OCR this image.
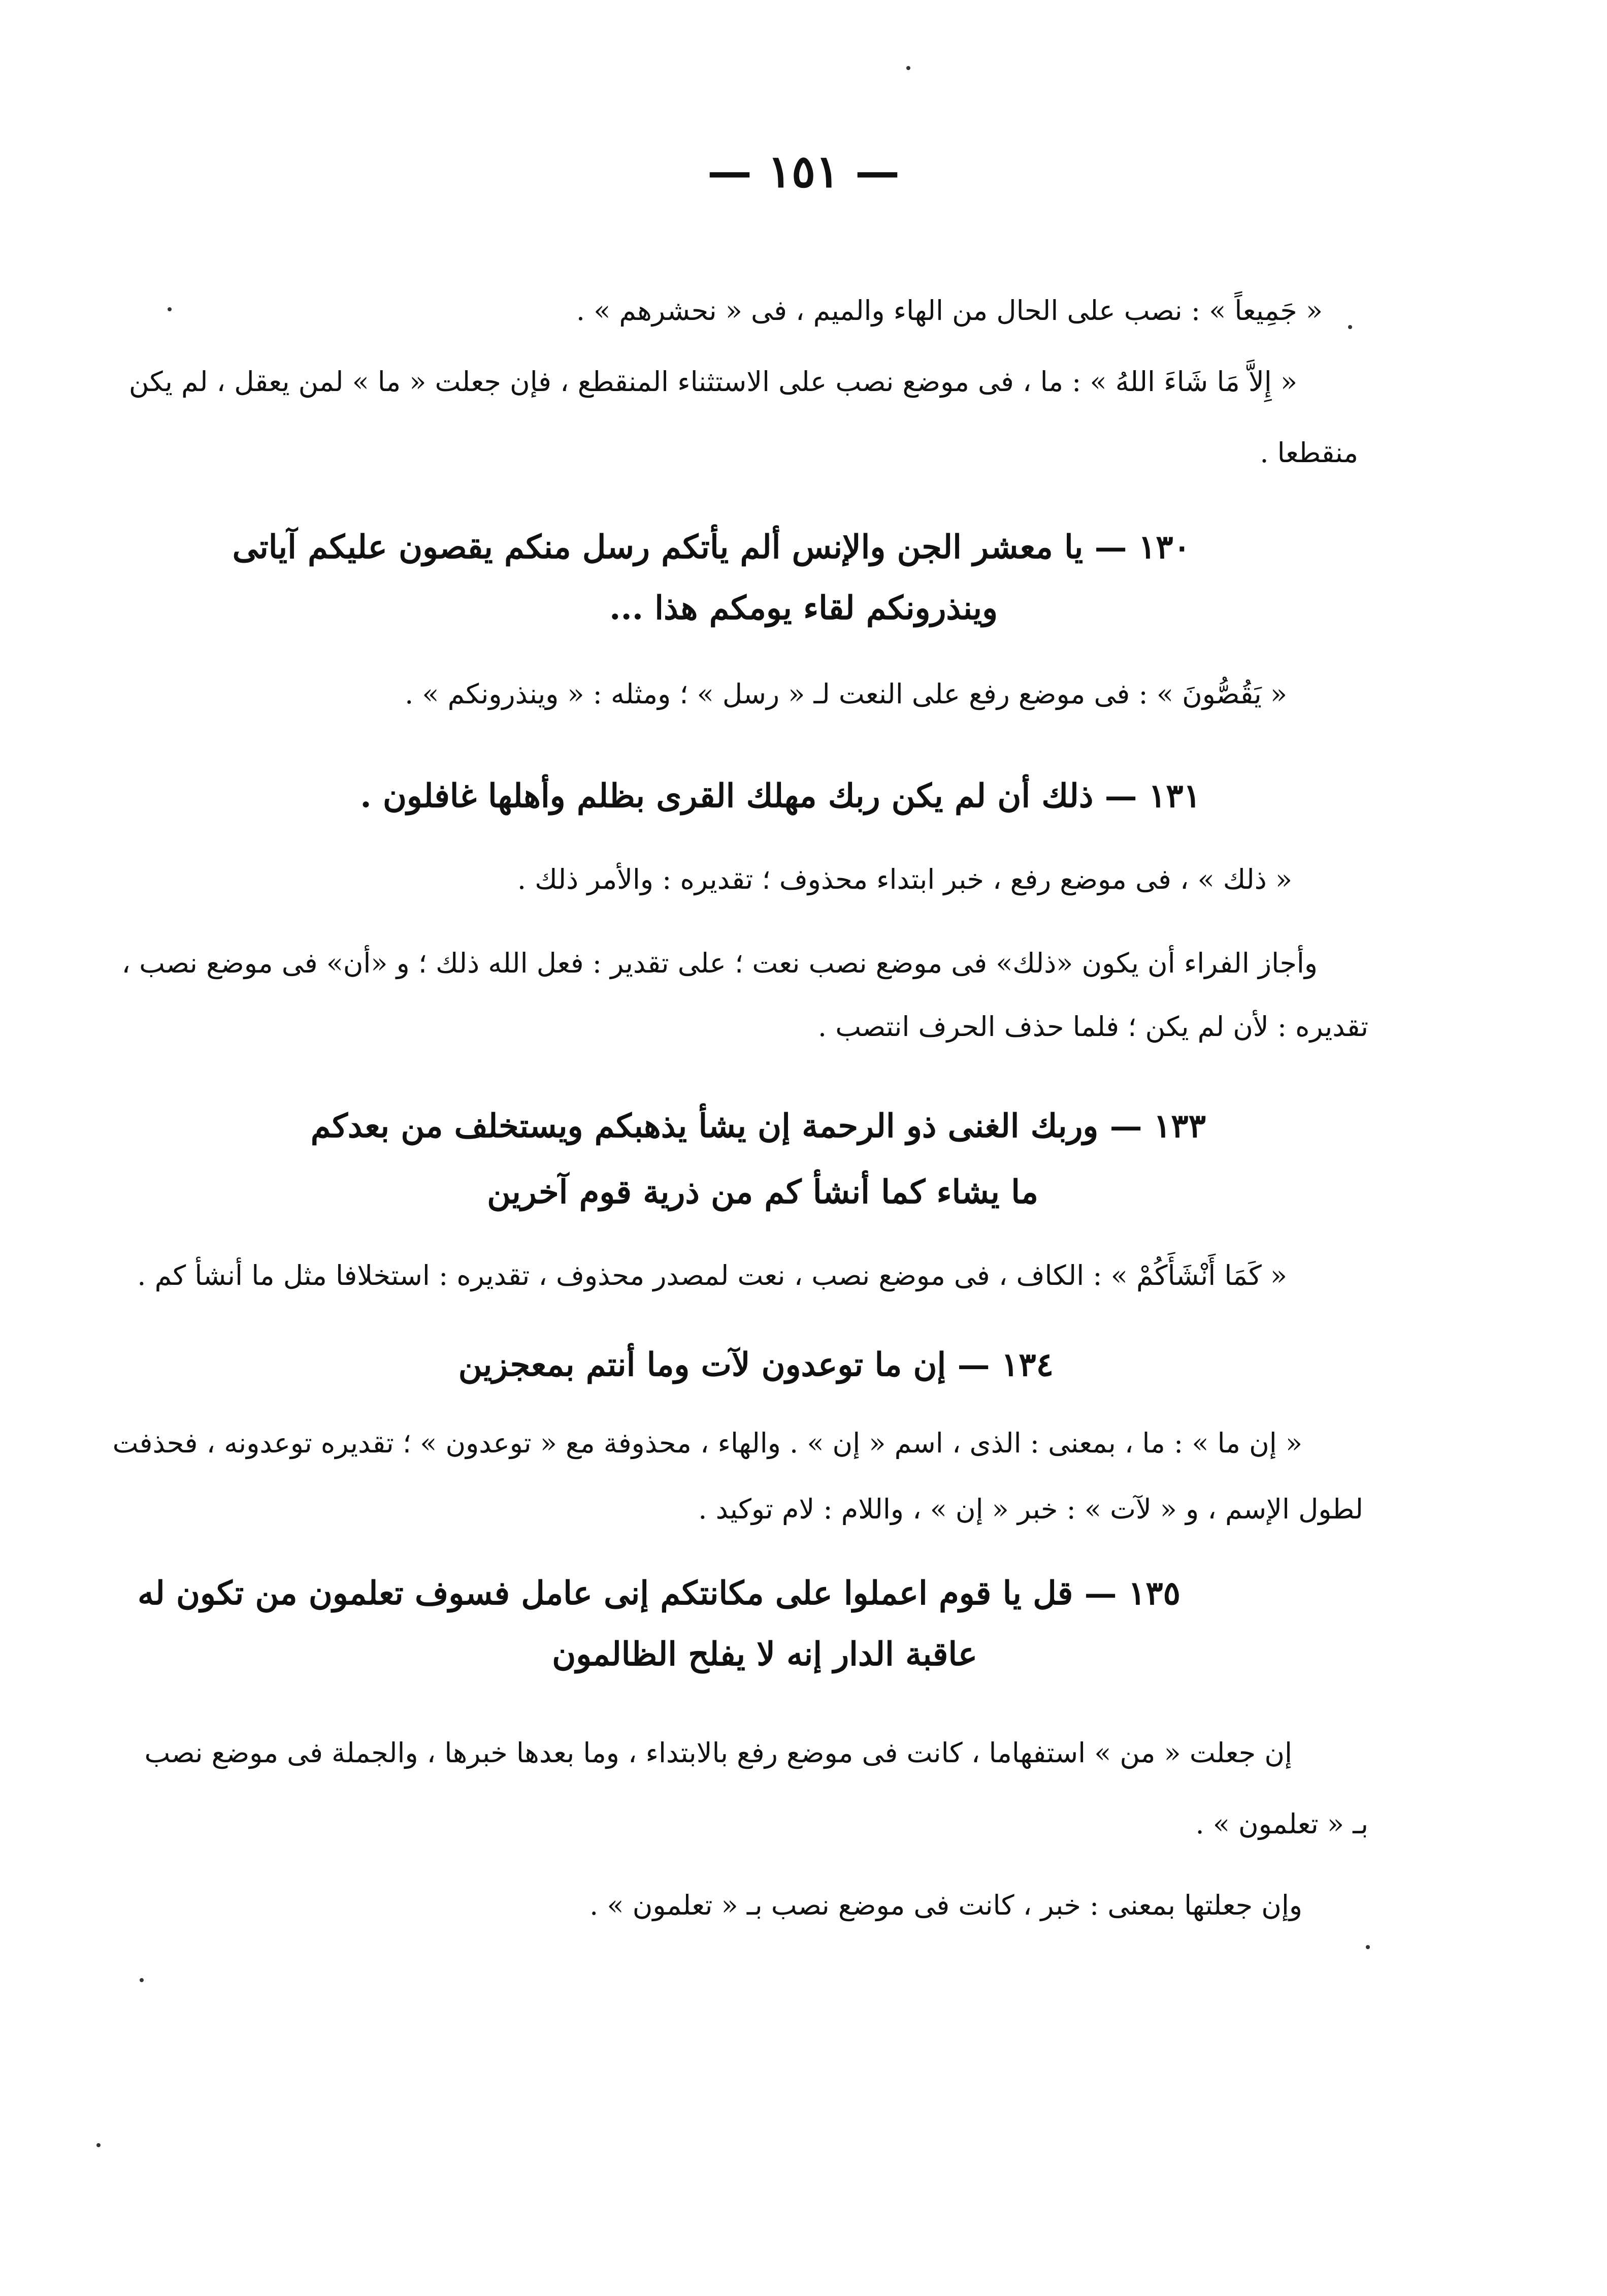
— ١٥١ —
« جَمِيعاً » : نصب على الحال من الهاء والميم ، فى « نحشرهم » .
« إِلاَّ مَا شَاءَ اللهُ » : ما ، فى موضع نصب على الاستثناء المنقطع ، فإن جعلت « ما » لمن يعقل ، لم يكن
منقطعا .
١٣٠ — يا معشر الجن والإنس ألم يأتكم رسل منكم يقصون عليكم آياتى
وينذرونكم لقاء يومكم هذا ...
« يَقُصُّونَ » : فى موضع رفع على النعت لـ « رسل » ؛ ومثله : « وينذرونكم » .
١٣١ — ذلك أن لم يكن ربك مهلك القرى بظلم وأهلها غافلون .
« ذلك » ، فى موضع رفع ، خبر ابتداء محذوف ؛ تقديره : والأمر ذلك .
وأجاز الفراء أن يكون «ذلك» فى موضع نصب نعت ؛ على تقدير : فعل الله ذلك ؛ و «أن» فى موضع نصب ،
تقديره : لأن لم يكن ؛ فلما حذف الحرف انتصب .
١٣٣ — وربك الغنى ذو الرحمة إن يشأ يذهبكم ويستخلف من بعدكم
ما يشاء كما أنشأ كم من ذرية قوم آخرين
« كَمَا أَنْشَأَكُمْ » : الكاف ، فى موضع نصب ، نعت لمصدر محذوف ، تقديره : استخلافا مثل ما أنشأ كم .
١٣٤ — إن ما توعدون لآت وما أنتم بمعجزين
« إن ما » : ما ، بمعنى : الذى ، اسم « إن » . والهاء ، محذوفة مع « توعدون » ؛ تقديره توعدونه ، فحذفت
لطول الإسم ، و « لآت » : خبر « إن » ، واللام : لام توكيد .
١٣٥ — قل يا قوم اعملوا على مكانتكم إنى عامل فسوف تعلمون من تكون له
عاقبة الدار إنه لا يفلح الظالمون
إن جعلت « من » استفهاما ، كانت فى موضع رفع بالابتداء ، وما بعدها خبرها ، والجملة فى موضع نصب
بـ « تعلمون » .
وإن جعلتها بمعنى : خبر ، كانت فى موضع نصب بـ « تعلمون » .
